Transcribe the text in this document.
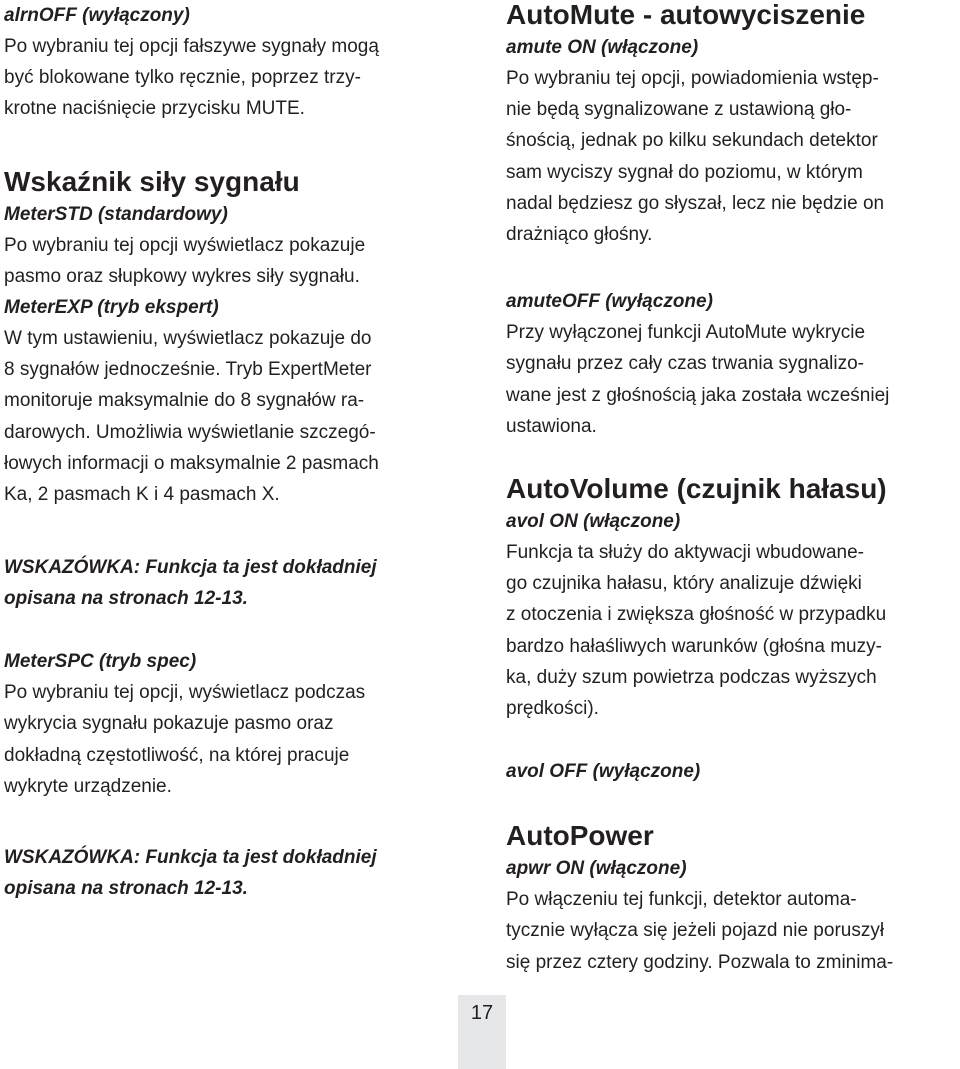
alrnOFF (wyłączony)

Po wybraniu tej opcji fałszywe sygnały mogą
być blokowane tylko ręcznie, poprzez trzy-
krotne naciśnięcie przycisku MUTE.

Wskaźnik siły sygnału

MeterSTD (standardowy)

Po wybraniu tej opcji wyświetlacz pokazuje
pasmo oraz słupkowy wykres siły sygnału.

MeterEXP (tryb ekspert)

W tym ustawieniu, wyświetlacz pokazuje do
8 sygnałów jednocześnie. Tryb ExpertMeter
monitoruje maksymalnie do 8 sygnałów ra-
darowych. Umożliwia wyświetlanie szczegó-
łowych informacji o maksymalnie 2 pasmach
Ka, 2 pasmach K i 4 pasmach X.

WSKAZÓWKA: Funkcja ta jest dokładniej
opisana na stronach 12-13.

MeterSPC (tryb spec)

Po wybraniu tej opcji, wyświetlacz podczas
wykrycia sygnału pokazuje pasmo oraz
dokładną częstotliwość, na której pracuje
wykryte urządzenie.

WSKAZÓWKA: Funkcja ta jest dokładniej
opisana na stronach 12-13.

AutoMute - autowyciszenie

amute ON (włączone)

Po wybraniu tej opcji, powiadomienia wstęp-
nie będą sygnalizowane z ustawioną gło-
śnością, jednak po kilku sekundach detektor
sam wyciszy sygnał do poziomu, w którym
nadal będziesz go słyszał, lecz nie będzie on
drażniąco głośny.

amuteOFF (wyłączone)

Przy wyłączonej funkcji AutoMute wykrycie
sygnału przez cały czas trwania sygnalizo-
wane jest z głośnością jaka została wcześniej
ustawiona.

AutoVolume (czujnik hałasu)

avol ON (włączone)

Funkcja ta służy do aktywacji wbudowane-
go czujnika hałasu, który analizuje dźwięki
z otoczenia i zwiększa głośność w przypadku
bardzo hałaśliwych warunków (głośna muzy-
ka, duży szum powietrza podczas wyższych
prędkości).

avol OFF (wyłączone)

AutoPower

apwr ON (włączone)

Po włączeniu tej funkcji, detektor automa-
tycznie wyłącza się jeżeli pojazd nie poruszył
się przez cztery godziny. Pozwala to zminima-

17
